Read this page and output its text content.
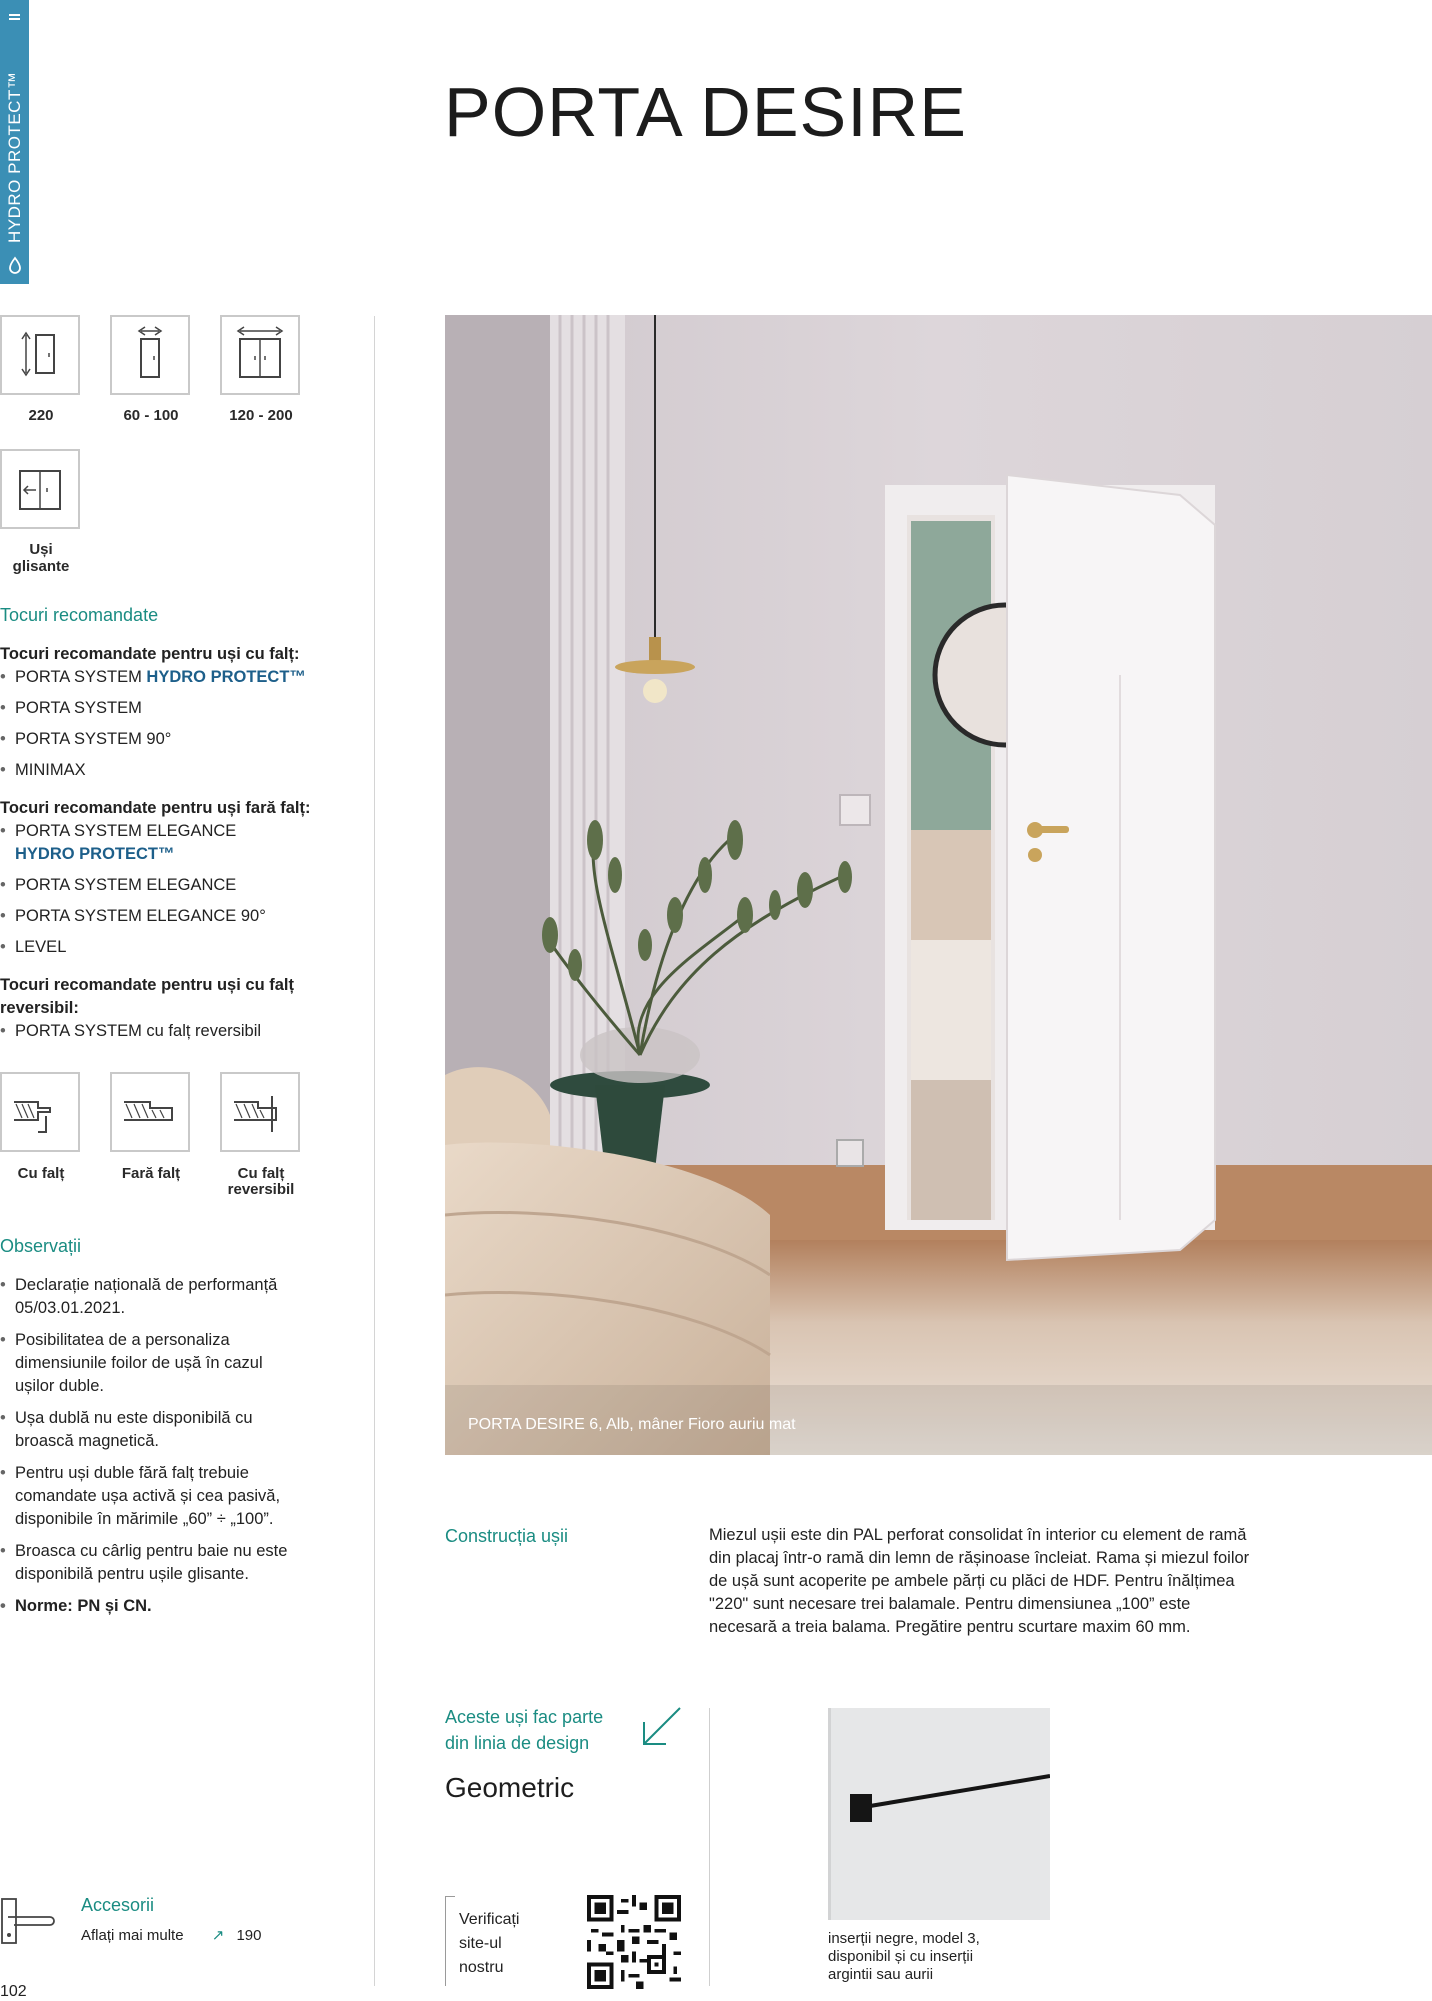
HYDRO PROTECT™	PORTA DESIRE
220	60 - 100	120 - 200
Uși
glisante
Tocuri recomandate
Tocuri recomandate pentru uși cu falț:
• PORTA SYSTEM HYDRO PROTECT™
• PORTA SYSTEM
• PORTA SYSTEM 90°
• MINIMAX
Tocuri recomandate pentru uși fară falț:
• PORTA SYSTEM ELEGANCE
HYDRO PROTECT™
• PORTA SYSTEM ELEGANCE
• PORTA SYSTEM ELEGANCE 90°
• LEVEL
Tocuri recomandate pentru uși cu falț
reversibil:
• PORTA SYSTEM cu falț reversibil
Cu falț	Fară falț	Cu falț
reversibil
Observații
• Declarație națională de performanță
05/03.01.2021.
• Posibilitatea de a personaliza
dimensiunile foilor de ușă în cazul
ușilor duble.
• Ușa dublă nu este disponibilă cu
broască magnetică.
• Pentru uși duble fără falț trebuie
comandate ușa activă și cea pasivă,
disponibile în mărimile „60” ÷ „100”.
• Broasca cu cârlig pentru baie nu este
disponibilă pentru ușile glisante.
• Norme: PN și CN.
PORTA DESIRE 6, Alb, mâner Fioro auriu mat
Construcția ușii	Miezul ușii este din PAL perforat consolidat în interior cu element de ramă
din placaj într-o ramă din lemn de rășinoase încleiat. Rama și miezul foilor
de ușă sunt acoperite pe ambele părți cu plăci de HDF. Pentru înălțimea
"220" sunt necesare trei balamale. Pentru dimensiunea „100” este
necesară a treia balama. Pregătire pentru scurtare maxim 60 mm.
Aceste uși fac parte
din linia de design
Geometric
inserții negre, model 3,
disponibil și cu inserții
argintii sau aurii
Accesorii
Aflați mai multe ↗ 190
Verificați
site-ul
nostru
102
